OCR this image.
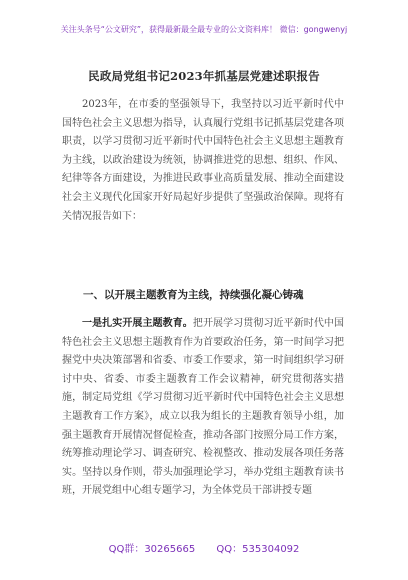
关注头条号“公文研究”，获得最新最全最专业的公文资料库！ 微信：gongwenyj
民政局党组书记2023年抓基层党建述职报告

2023年，在市委的坚强领导下，我坚持以习近平新时代中国特色社会主义思想为指导，认真履行党组书记抓基层党建各项职责，以学习贯彻习近平新时代中国特色社会主义思想主题教育为主线，以政治建设为统领，协调推进党的思想、组织、作风、纪律等各方面建设，为推进民政事业高质量发展、推动全面建设社会主义现代化国家开好局起好步提供了坚强政治保障。现将有关情况报告如下：

一、以开展主题教育为主线，持续强化凝心铸魂

一是扎实开展主题教育。把开展学习贯彻习近平新时代中国特色社会主义思想主题教育作为首要政治任务，第一时间学习把握党中央决策部署和省委、市委工作要求，第一时间组织学习研讨中央、省委、市委主题教育工作会议精神，研究贯彻落实措施，制定局党组《学习贯彻习近平新时代中国特色社会主义思想主题教育工作方案》，成立以我为组长的主题教育领导小组，加强主题教育开展情况督促检查，推动各部门按照分局工作方案，统筹推动理论学习、调查研究、检视整改、推动发展各项任务落实。坚持以身作则，带头加强理论学习，举办党组主题教育读书班，开展党组中心组专题学习，为全体党员干部讲授专题

QQ群：30265665 QQ：535304092
